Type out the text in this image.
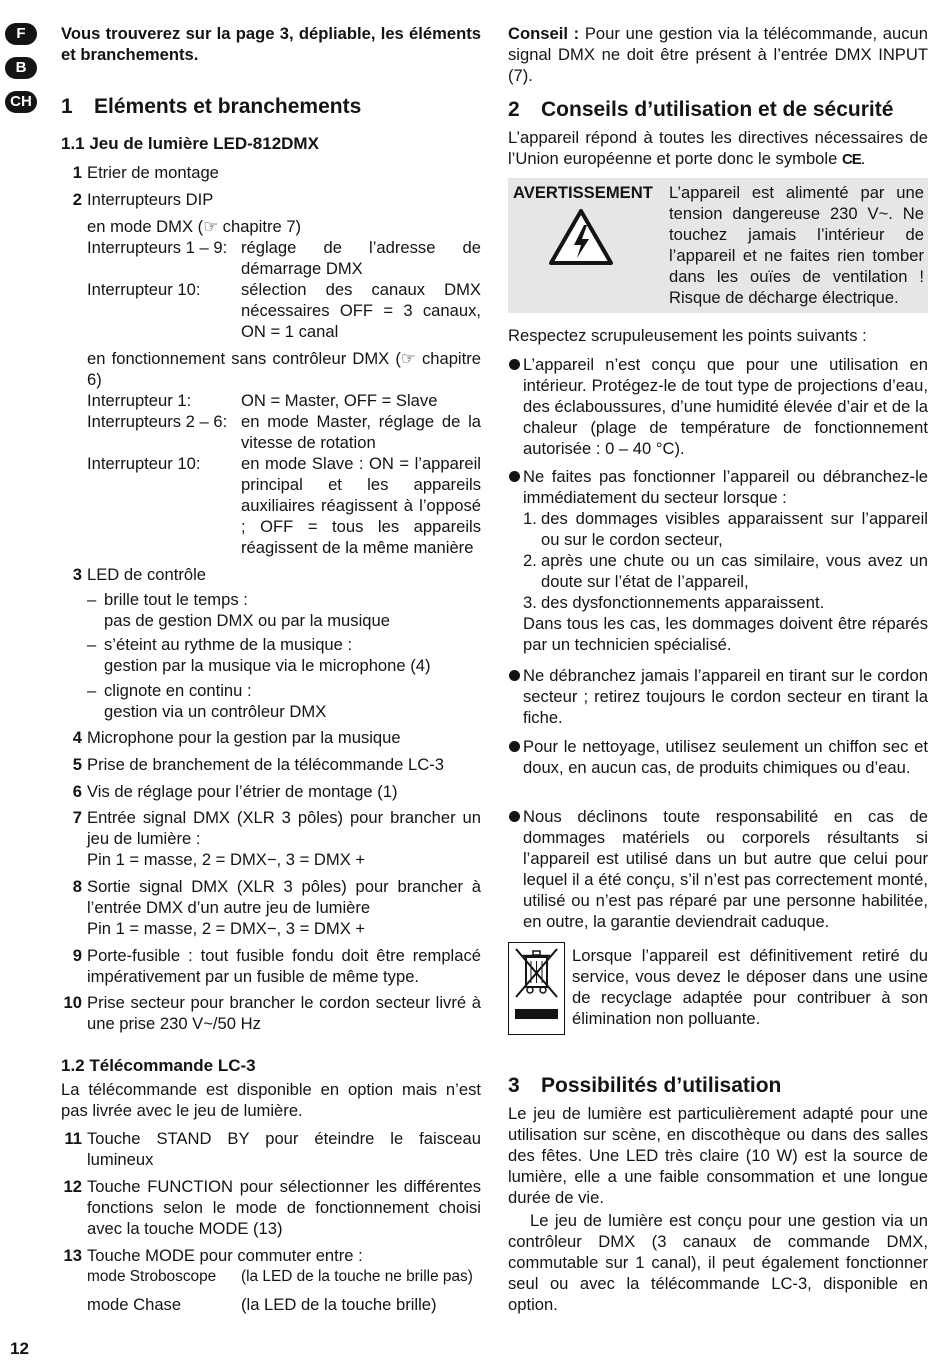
F
B
CH

Vous trouverez sur la page 3, dépliable, les éléments et branchements.

1 Eléments et branchements
1.1 Jeu de lumière LED-812DMX
1 Etrier de montage

2 Interrupteurs DIP

en mode DMX (☞ chapitre 7)

Interrupteurs 1 – 9: réglage de l’adresse de démarrage DMX
Interrupteur 10:	sélection des canaux DMX nécessaires OFF = 3 canaux, ON = 1 canal

en fonctionnement sans contrôleur DMX (☞ chapitre 6)

Interrupteur 1:	ON = Master, OFF = Slave
Interrupteurs 2 – 6: en mode Master, réglage de la vitesse de rotation
Interrupteur 10:	en mode Slave : ON = l’appareil principal et les appareils auxiliaires réagissent à l’opposé ; OFF = tous les appareils réagissent de la même manière
3 LED de contrôle

– brille tout le temps :

pas de gestion DMX ou par la musique

– s’éteint au rythme de la musique :

gestion par la musique via le microphone (4)

– clignote en continu :

gestion via un contrôleur DMX

4 Microphone pour la gestion par la musique

5 Prise de branchement de la télécommande LC-3

6 Vis de réglage pour l’étrier de montage (1)

7 Entrée signal DMX (XLR 3 pôles) pour brancher un jeu de lumière :

Pin 1 = masse, 2 = DMX−, 3 = DMX +

8 Sortie signal DMX (XLR 3 pôles) pour brancher à l’entrée DMX d’un autre jeu de lumière

Pin 1 = masse, 2 = DMX−, 3 = DMX +

9 Porte-fusible : tout fusible fondu doit être remplacé impérativement par un fusible de même type.

10 Prise secteur pour brancher le cordon secteur livré à une prise 230 V~/50 Hz

1.2 Télécommande LC-3

La télécommande est disponible en option mais n’est pas livrée avec le jeu de lumière.

11 Touche STAND BY pour éteindre le faisceau lumineux

12 Touche FUNCTION pour sélectionner les différentes fonctions selon le mode de fonctionnement choisi avec la touche MODE (13)

13 Touche MODE pour commuter entre :

mode Stroboscope	(la LED de la touche ne brille pas)
mode Chase	(la LED de la touche brille)

Conseil : Pour une gestion via la télécommande, aucun signal DMX ne doit être présent à l’entrée DMX INPUT (7).

2 Conseils d’utilisation et de sécurité

L’appareil répond à toutes les directives nécessaires de l’Union européenne et porte donc le symbole CE.

AVERTISSEMENT L’appareil est alimenté par une tension dangereuse 230 V~. Ne touchez jamais l’intérieur de l’appareil et ne faites rien tomber dans les ouïes de ventilation ! Risque de décharge électrique.

Respectez scrupuleusement les points suivants :

L’appareil n’est conçu que pour une utilisation en intérieur. Protégez-le de tout type de projections d’eau, des éclaboussures, d’une humidité élevée d’air et de la chaleur (plage de température de fonctionnement autorisée : 0 – 40 °C).

Ne faites pas fonctionner l’appareil ou débranchez-le immédiatement du secteur lorsque :

1. des dommages visibles apparaissent sur l’appareil ou sur le cordon secteur,

2. après une chute ou un cas similaire, vous avez un doute sur l’état de l’appareil,

3. des dysfonctionnements apparaissent.

Dans tous les cas, les dommages doivent être réparés par un technicien spécialisé.

Ne débranchez jamais l’appareil en tirant sur le cordon secteur ; retirez toujours le cordon secteur en tirant la fiche.

Pour le nettoyage, utilisez seulement un chiffon sec et doux, en aucun cas, de produits chimiques ou d’eau.

Nous déclinons toute responsabilité en cas de dommages matériels ou corporels résultants si l’appareil est utilisé dans un but autre que celui pour lequel il a été conçu, s’il n’est pas correctement monté, utilisé ou n’est pas réparé par une personne habilitée, en outre, la garantie deviendrait caduque.

Lorsque l’appareil est définitivement retiré du service, vous devez le déposer dans une usine de recyclage adaptée pour contribuer à son élimination non polluante.

3 Possibilités d’utilisation

Le jeu de lumière est particulièrement adapté pour une utilisation sur scène, en discothèque ou dans des salles des fêtes. Une LED très claire (10 W) est la source de lumière, elle a une faible consommation et une longue durée de vie.

Le jeu de lumière est conçu pour une gestion via un contrôleur DMX (3 canaux de commande DMX, commutable sur 1 canal), il peut également fonctionner seul ou avec la télécommande LC-3, disponible en option.

12
